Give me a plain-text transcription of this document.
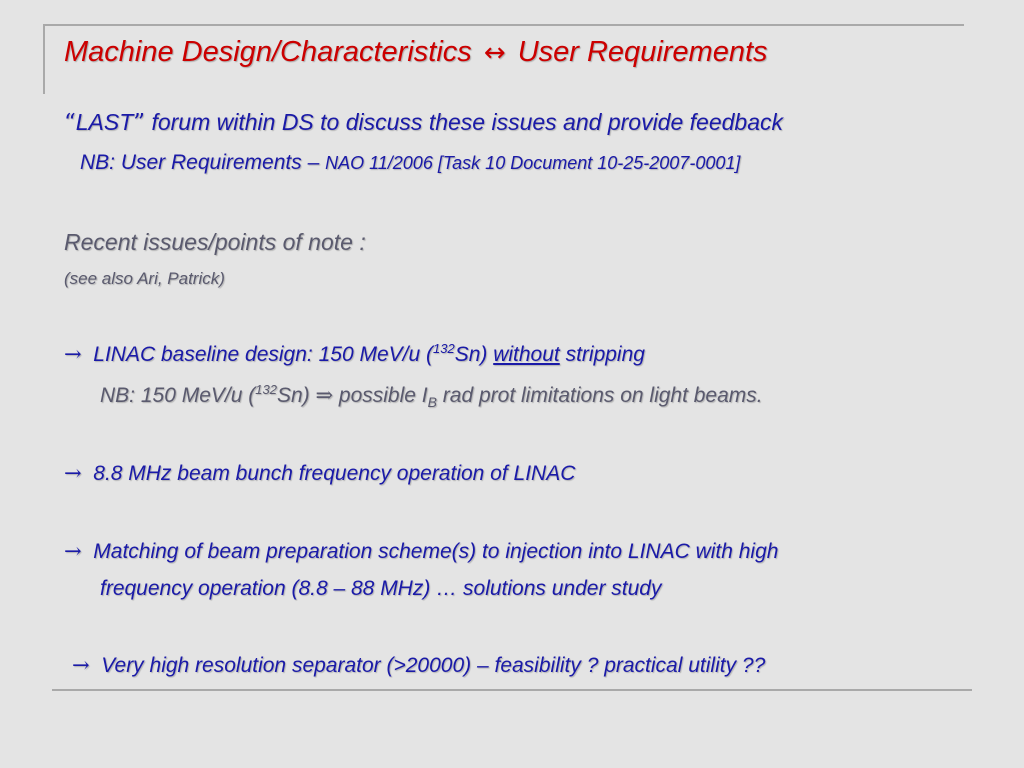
Machine Design/Characteristics ↔ User Requirements
“LAST” forum within DS to discuss these issues and provide feedback
NB: User Requirements – NAO 11/2006 [Task 10 Document 10-25-2007-0001]
Recent issues/points of note :
(see also Ari, Patrick)
→ LINAC baseline design: 150 MeV/u ($^{132}$Sn) without stripping
NB: 150 MeV/u ($^{132}$Sn) ⇒ possible $I_B$ rad prot limitations on light beams.
→ 8.8 MHz beam bunch frequency operation of LINAC
→ Matching of beam preparation scheme(s) to injection into LINAC with high
frequency operation (8.8 – 88 MHz) … solutions under study
→ Very high resolution separator (>20000) – feasibility ? practical utility ??
